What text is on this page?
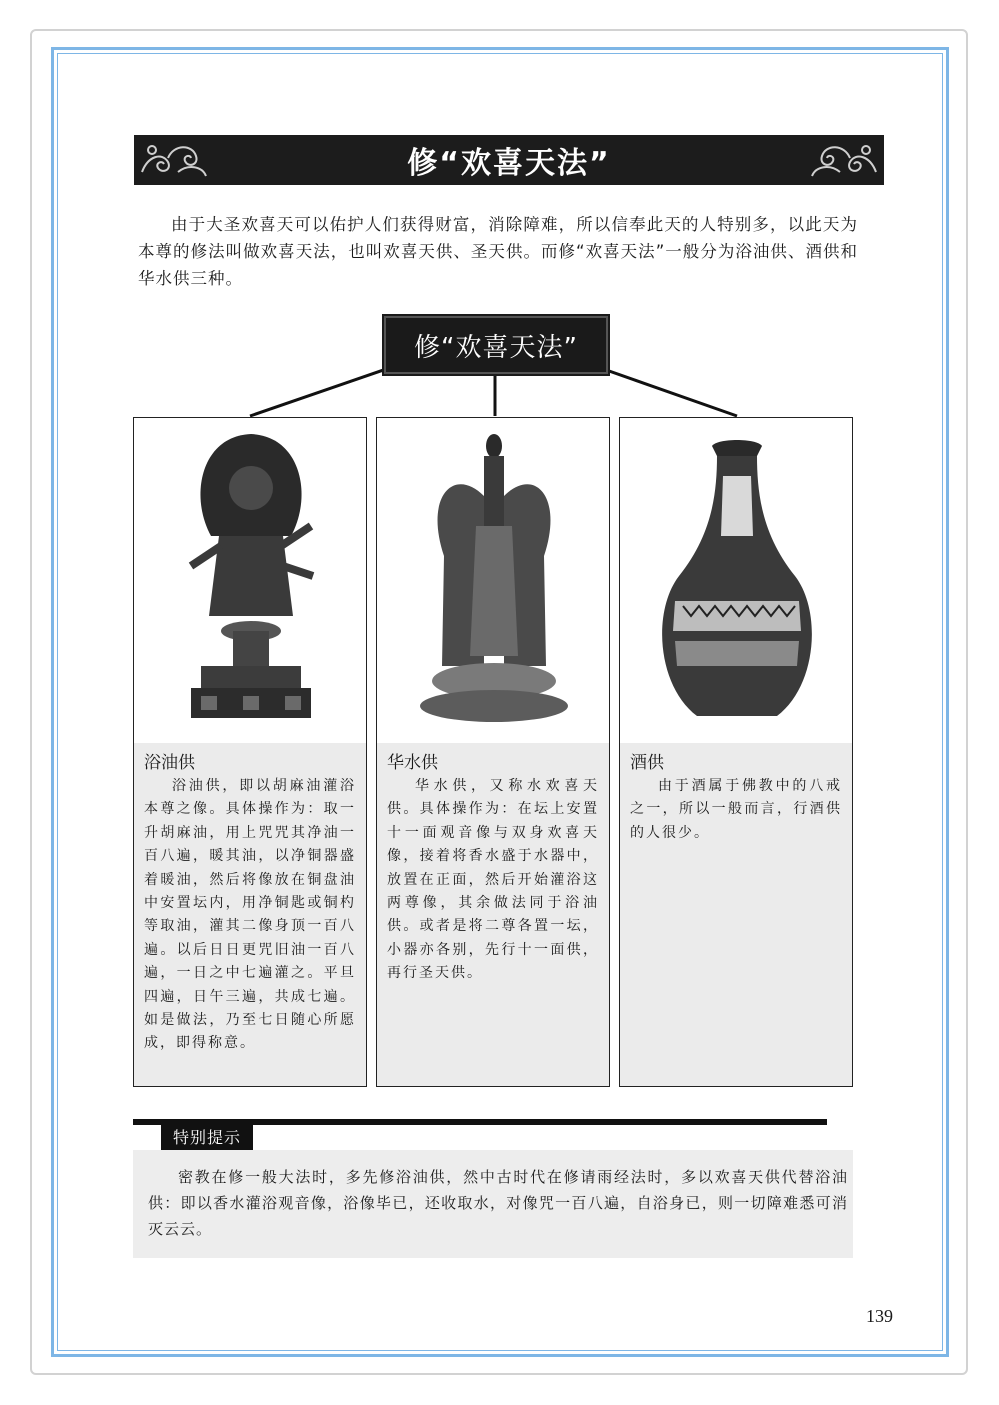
修“欢喜天法”

由于大圣欢喜天可以佑护人们获得财富，消除障难，所以信奉此天的人特别多，以此天为本尊的修法叫做欢喜天法，也叫欢喜天供、圣天供。而修“欢喜天法”一般分为浴油供、酒供和华水供三种。

修“欢喜天法”
浴油供

浴油供，即以胡麻油灌浴本尊之像。具体操作为：取一升胡麻油，用上咒咒其净油一百八遍，暖其油，以净铜器盛着暖油，然后将像放在铜盘油中安置坛内，用净铜匙或铜杓等取油，灌其二像身顶一百八遍。以后日日更咒旧油一百八遍，一日之中七遍灌之。平旦四遍，日午三遍，共成七遍。如是做法，乃至七日随心所愿成，即得称意。

华水供

华水供，又称水欢喜天供。具体操作为：在坛上安置十一面观音像与双身欢喜天像，接着将香水盛于水器中，放置在正面，然后开始灌浴这两尊像，其余做法同于浴油供。或者是将二尊各置一坛，小器亦各别，先行十一面供，再行圣天供。

酒供

由于酒属于佛教中的八戒之一，所以一般而言，行酒供的人很少。

特别提示

密教在修一般大法时，多先修浴油供，然中古时代在修请雨经法时，多以欢喜天供代替浴油供：即以香水灌浴观音像，浴像毕已，还收取水，对像咒一百八遍，自浴身已，则一切障难悉可消灭云云。

139
